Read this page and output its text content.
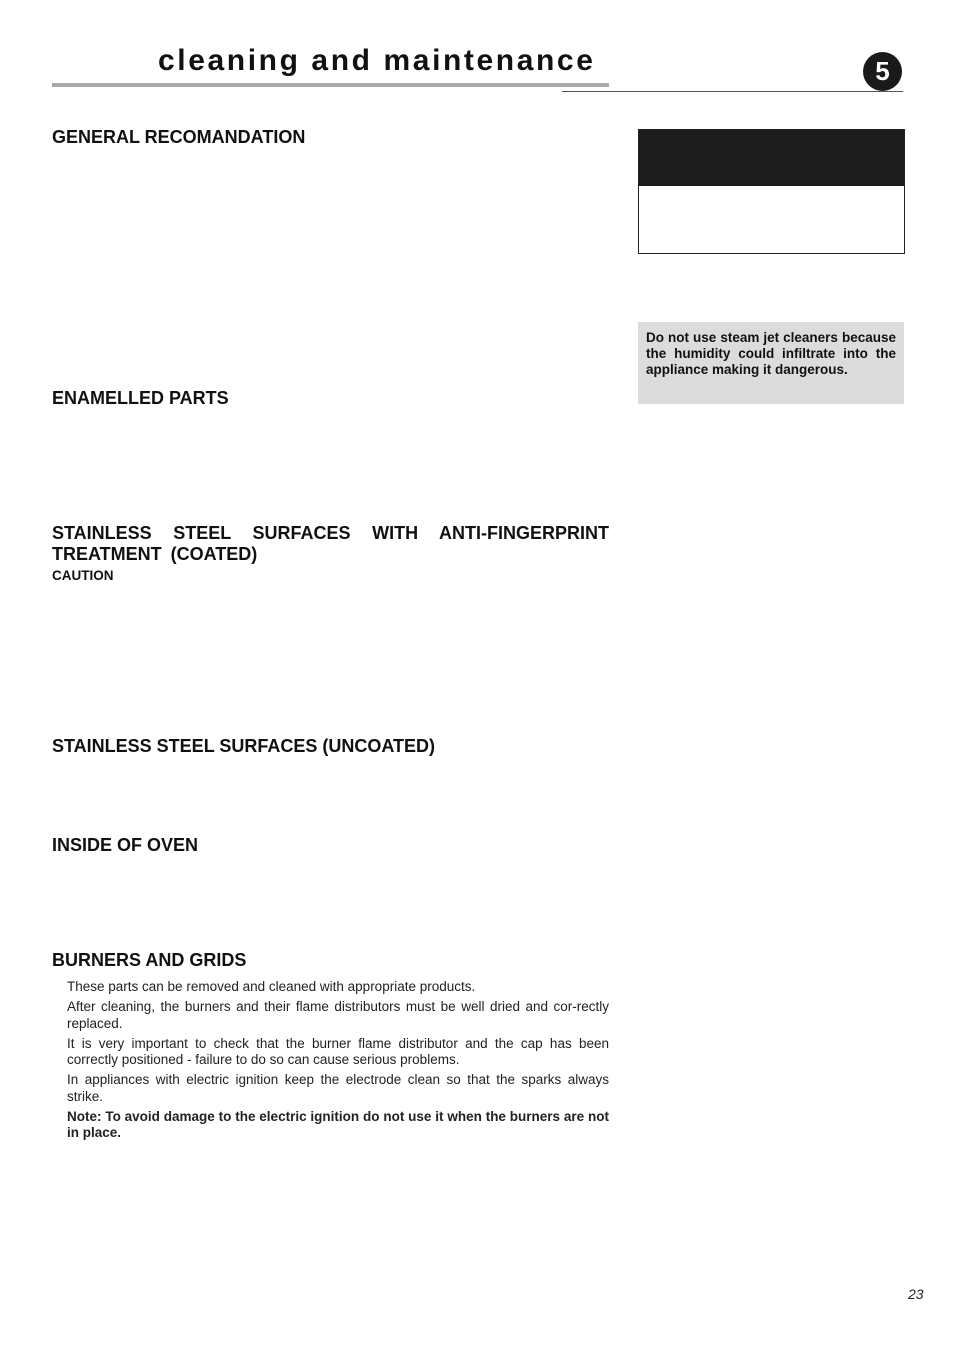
cleaning and maintenance	5
GENERAL RECOMANDATION
ENAMELLED PARTS
STAINLESS STEEL SURFACES WITH ANTI-FINGERPRINT TREATMENT (COATED)
CAUTION
STAINLESS STEEL SURFACES (UNCOATED)
INSIDE OF OVEN
BURNERS AND GRIDS

These parts can be removed and cleaned with appropriate products.

After cleaning, the burners and their flame distributors must be well dried and cor-rectly replaced.

It is very important to check that the burner flame distributor and the cap has been correctly positioned - failure to do so can cause serious problems.

In appliances with electric ignition keep the electrode clean so that the sparks always strike.

Note: To avoid damage to the electric ignition do not use it when the burners are not in place.

Do not use steam jet cleaners because the humidity could infiltrate into the appliance making it dangerous.
23
